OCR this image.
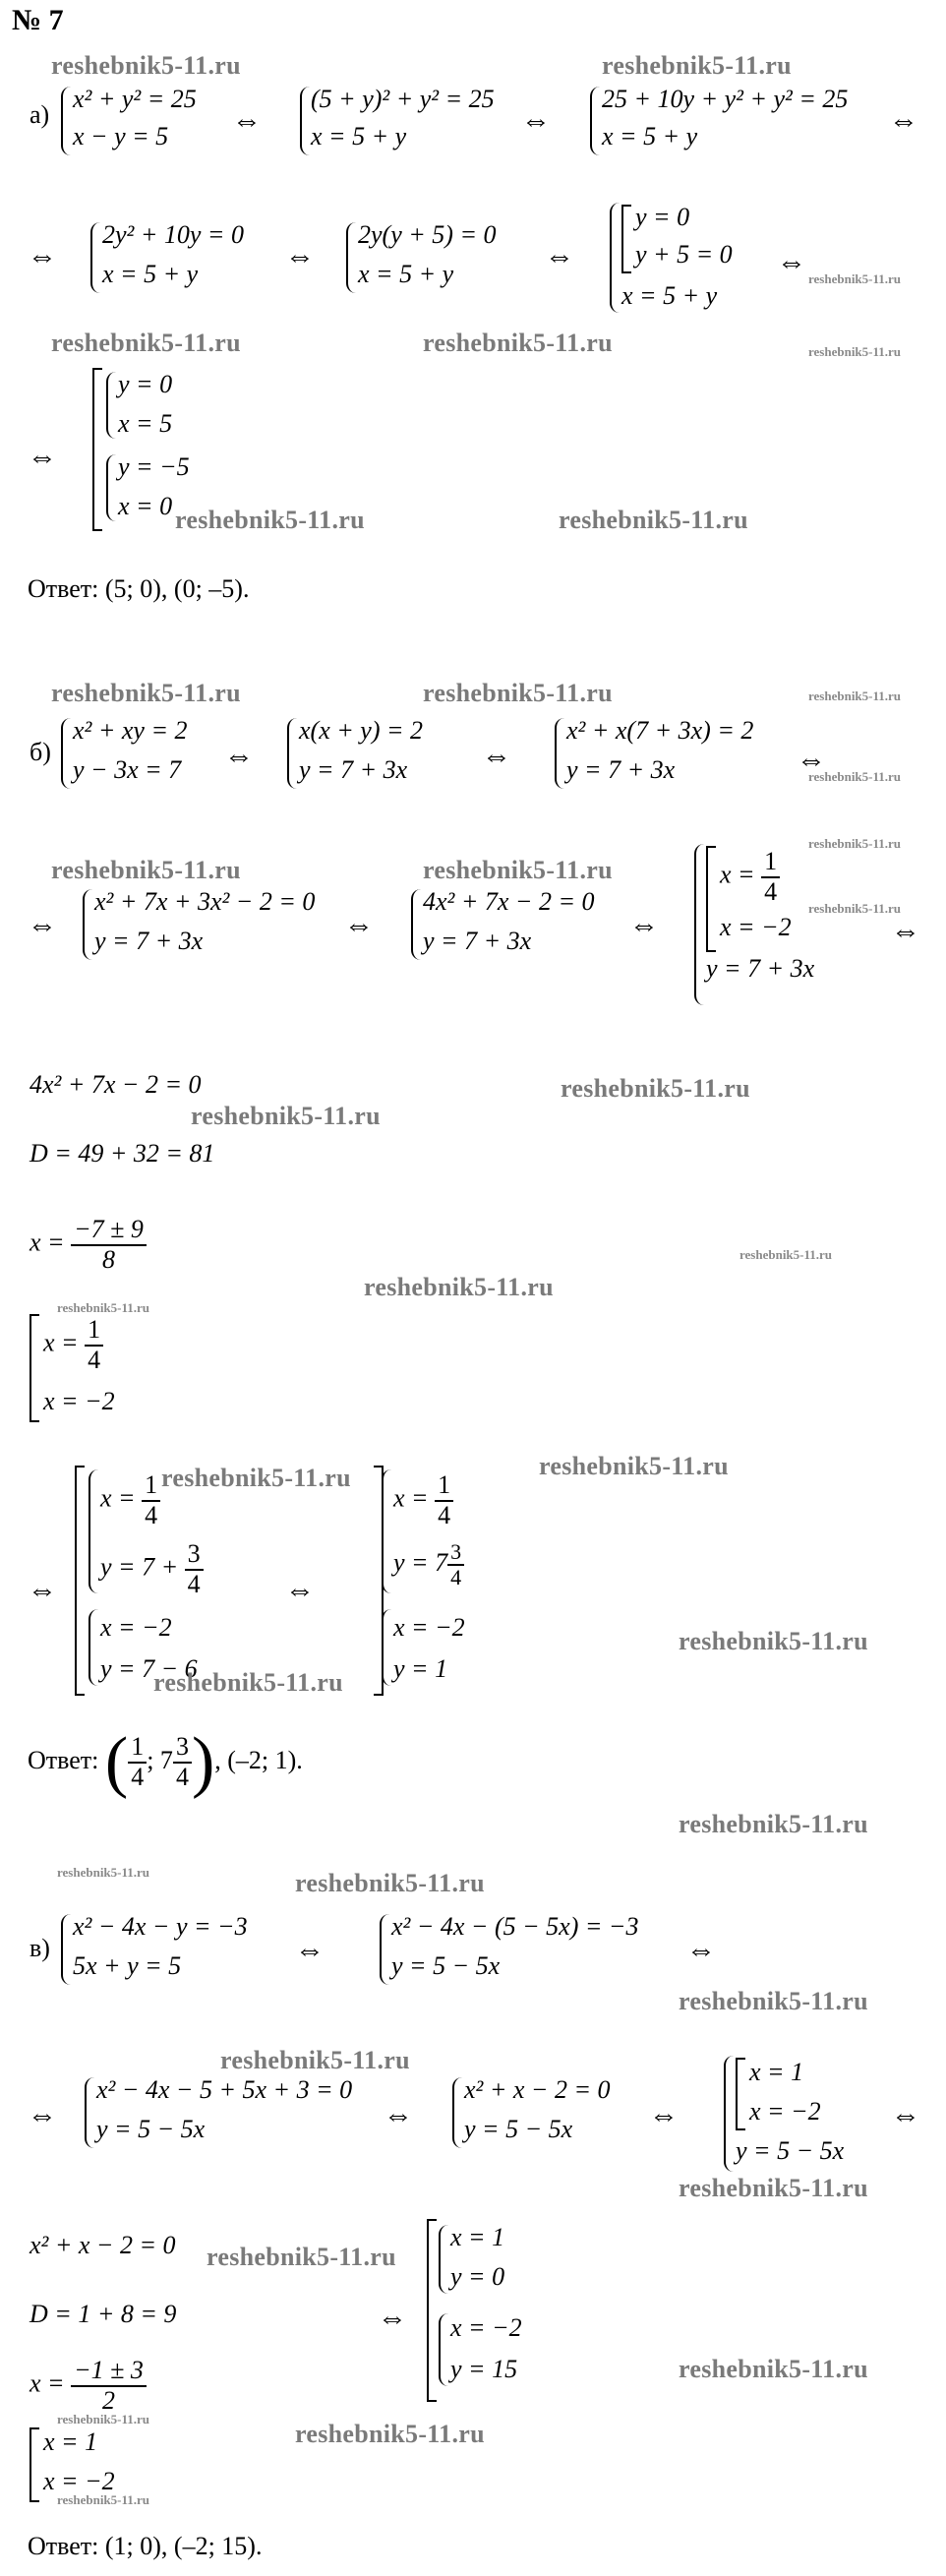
№ 7
reshebnik5-11.ru	reshebnik5-11.ru
а)
x² + y² = 25
x − y = 5 ⇔
(5 + y)² + y² = 25
x = 5 + y	⇔
25 + 10y + y² + y² = 25
x = 5 + y	⇔
⇔
2y² + 10y = 0
x = 5 + y
⇔
2y(y + 5) = 0
x = 5 + y
⇔
y = 0
y + 5 = 0
x = 5 + y
⇔
reshebnik5-11.ru
reshebnik5-11.ru	reshebnik5-11.ru	reshebnik5-11.ru
⇔
y = 0
x = 5
y = −5
x = 0 reshebnik5-11.ru	reshebnik5-11.ru
Ответ: (5; 0), (0; –5).
reshebnik5-11.ru	reshebnik5-11.ru	reshebnik5-11.ru
б)
x² + xy = 2
y − 3x = 7 ⇔
x(x + y) = 2
y = 7 + 3x	⇔
x² + x(7 + 3x) = 2
y = 7 + 3x	⇔
reshebnik5-11.ru
reshebnik5-11.ru	reshebnik5-11.ru
reshebnik5-11.ru
⇔
x² + 7x + 3x² − 2 = 0
y = 7 + 3x	⇔
4x² + 7x − 2 = 0
y = 7 + 3x	⇔
$x = \frac{1}{4}$
x = −2
y = 7 + 3x
⇔
reshebnik5-11.ru
4x² + 7x − 2 = 0	reshebnik5-11.ru
reshebnik5-11.ru
D = 49 + 32 = 81
$x = \frac{-7 \pm 9}{8}$	reshebnik5-11.ru
reshebnik5-11.ru
reshebnik5-11.ru
$x = \frac{1}{4}$
x = −2
reshebnik5-11.ru
⇔
$x = \frac{1}{4}$
$y = 7 + \frac{3}{4}$
reshebnik5-11.ru
x = −2
y = 7 − 6
reshebnik5-11.ru
⇔
$x = \frac{1}{4}$
$y = 7 \frac{3}{4}$
x = −2
y = 1
reshebnik5-11.ru
Ответ: ( $\frac{1}{4}$ ; $7 \frac{3}{4}$ ), (–2; 1).
reshebnik5-11.ru
reshebnik5-11.ru	reshebnik5-11.ru
в)
x² − 4x − y = −3
5x + y = 5	⇔
x² − 4x − (5 − 5x) = −3
y = 5 − 5x	⇔
reshebnik5-11.ru
reshebnik5-11.ru
⇔
x² − 4x − 5 + 5x + 3 = 0
y = 5 − 5x	⇔
x² + x − 2 = 0
y = 5 − 5x	⇔
x = 1
x = −2
y = 5 − 5x
⇔
reshebnik5-11.ru
x² + x − 2 = 0 reshebnik5-11.ru
D = 1 + 8 = 9
$x = \frac{-1 \pm 3}{2}$
⇔
x = 1
y = 0
x = −2
y = 15	reshebnik5-11.ru
reshebnik5-11.ru
reshebnik5-11.ru
x = 1
x = −2
reshebnik5-11.ru
Ответ: (1; 0), (–2; 15).
